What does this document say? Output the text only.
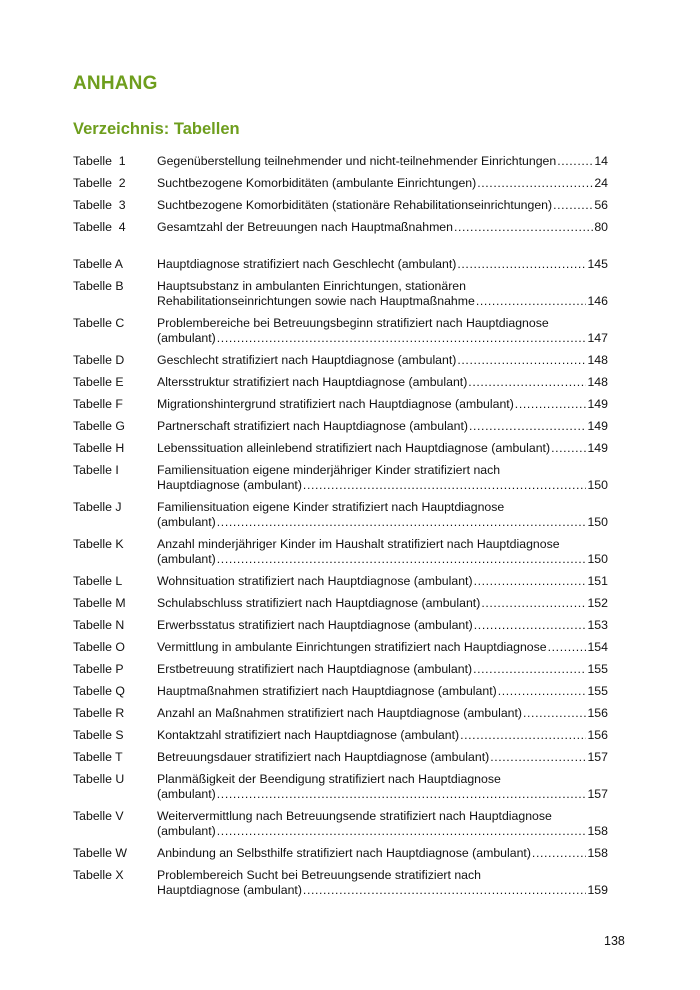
ANHANG
Verzeichnis: Tabellen
Tabelle  1	Gegenüberstellung teilnehmender und nicht-teilnehmender Einrichtungen .....	14
Tabelle  2	Suchtbezogene Komorbiditäten (ambulante Einrichtungen) .....	24
Tabelle  3	Suchtbezogene Komorbiditäten (stationäre Rehabilitationseinrichtungen) .....	56
Tabelle  4	Gesamtzahl der Betreuungen nach Hauptmaßnahmen .....	80
Tabelle A	Hauptdiagnose stratifiziert nach Geschlecht (ambulant) .....	145
Tabelle B	Hauptsubstanz in ambulanten Einrichtungen, stationären
Rehabilitationseinrichtungen sowie nach Hauptmaßnahme .....	146
Tabelle C	Problembereiche bei Betreuungsbeginn stratifiziert nach Hauptdiagnose
(ambulant) .....	147
Tabelle D	Geschlecht stratifiziert nach Hauptdiagnose (ambulant) .....	148
Tabelle E	Altersstruktur stratifiziert nach Hauptdiagnose (ambulant) .....	148
Tabelle F	Migrationshintergrund stratifiziert nach Hauptdiagnose (ambulant) .....	149
Tabelle G	Partnerschaft stratifiziert nach Hauptdiagnose (ambulant) .....	149
Tabelle H	Lebenssituation alleinlebend stratifiziert nach Hauptdiagnose (ambulant) .....	149
Tabelle I	Familiensituation eigene minderjähriger Kinder stratifiziert nach
Hauptdiagnose (ambulant) .....	150
Tabelle J	Familiensituation eigene Kinder stratifiziert nach Hauptdiagnose
(ambulant) .....	150
Tabelle K	Anzahl minderjähriger Kinder im Haushalt stratifiziert nach Hauptdiagnose
(ambulant) .....	150
Tabelle L	Wohnsituation stratifiziert nach Hauptdiagnose (ambulant) .....	151
Tabelle M	Schulabschluss stratifiziert nach Hauptdiagnose (ambulant) .....	152
Tabelle N	Erwerbsstatus stratifiziert nach Hauptdiagnose (ambulant) .....	153
Tabelle O	Vermittlung in ambulante Einrichtungen stratifiziert nach Hauptdiagnose .....	154
Tabelle P	Erstbetreuung stratifiziert nach Hauptdiagnose (ambulant) .....	155
Tabelle Q	Hauptmaßnahmen stratifiziert nach Hauptdiagnose (ambulant) .....	155
Tabelle R	Anzahl an Maßnahmen stratifiziert nach Hauptdiagnose (ambulant) .....	156
Tabelle S	Kontaktzahl stratifiziert nach Hauptdiagnose (ambulant) .....	156
Tabelle T	Betreuungsdauer stratifiziert nach Hauptdiagnose (ambulant) .....	157
Tabelle U	Planmäßigkeit der Beendigung stratifiziert nach Hauptdiagnose
(ambulant) .....	157
Tabelle V	Weitervermittlung nach Betreuungsende stratifiziert nach Hauptdiagnose
(ambulant) .....	158
Tabelle W	Anbindung an Selbsthilfe stratifiziert nach Hauptdiagnose (ambulant) .....	158
Tabelle X	Problembereich Sucht bei Betreuungsende stratifiziert nach
Hauptdiagnose (ambulant) .....	159
138
